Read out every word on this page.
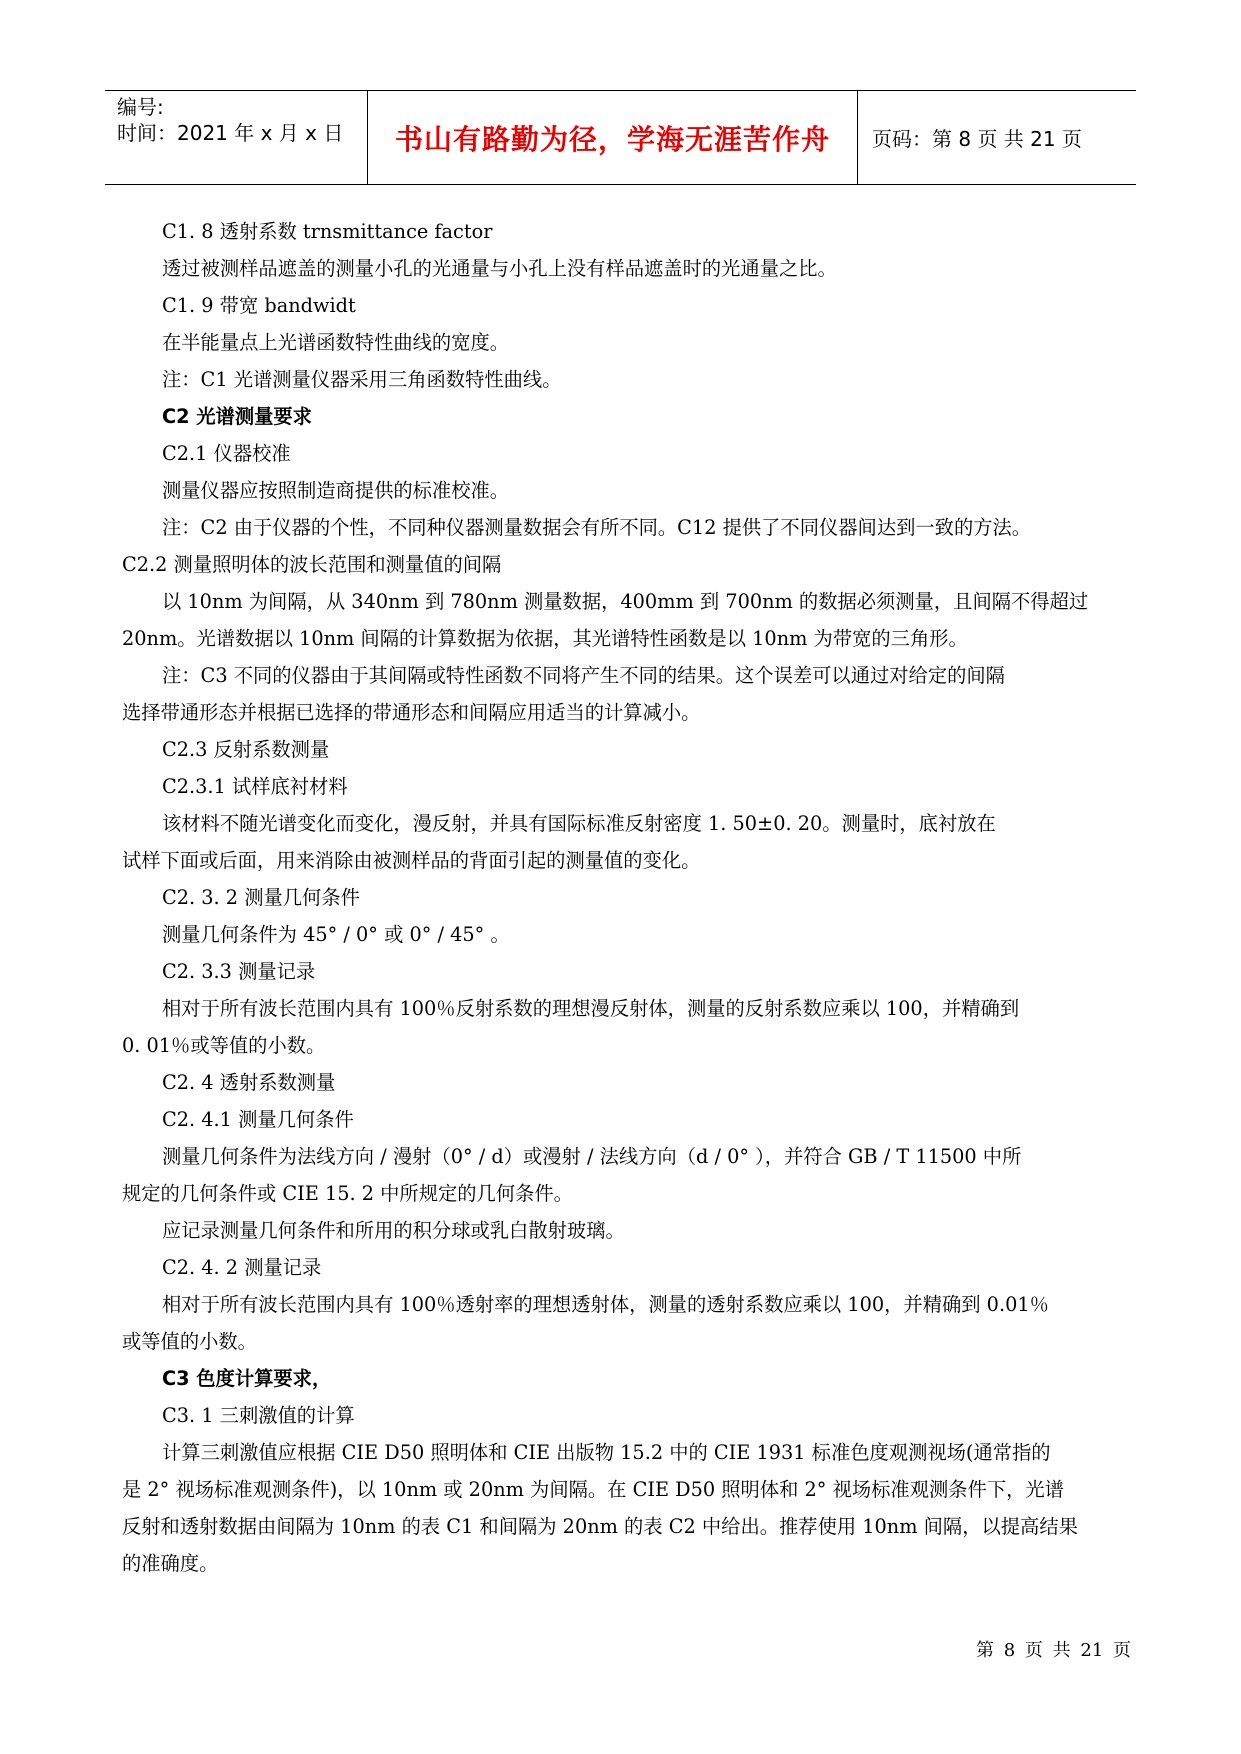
编号:
时间：2021 年 x 月 x 日 书山有路勤为径，学海无涯苦作舟 页码：第 8 页 共 21 页
C1. 8 透射系数 trnsmittance factor
透过被测样品遮盖的测量小孔的光通量与小孔上没有样品遮盖时的光通量之比。
C1. 9 带宽 bandwidt
在半能量点上光谱函数特性曲线的宽度。
注：C1 光谱测量仪器采用三角函数特性曲线。
C2 光谱测量要求
C2.1 仪器校准
测量仪器应按照制造商提供的标准校准。
注：C2 由于仪器的个性，不同种仪器测量数据会有所不同。C12 提供了不同仪器间达到一致的方法。
C2.2 测量照明体的波长范围和测量值的间隔
以 10nm 为间隔，从 340nm 到 780nm 测量数据，400mm 到 700nm 的数据必须测量，且间隔不得超过
20nm。光谱数据以 10nm 间隔的计算数据为依据，其光谱特性函数是以 10nm 为带宽的三角形。
注：C3 不同的仪器由于其间隔或特性函数不同将产生不同的结果。这个误差可以通过对给定的间隔
选择带通形态并根据已选择的带通形态和间隔应用适当的计算减小。
C2.3 反射系数测量
C2.3.1 试样底衬材料
该材料不随光谱变化而变化，漫反射，并具有国际标准反射密度 1. 50±0. 20。测量时，底衬放在
试样下面或后面，用来消除由被测样品的背面引起的测量值的变化。
C2. 3. 2 测量几何条件
测量几何条件为 45° / 0° 或 0° / 45° 。
C2. 3.3 测量记录
相对于所有波长范围内具有 100％反射系数的理想漫反射体，测量的反射系数应乘以 100，并精确到
0. 01％或等值的小数。
C2. 4 透射系数测量
C2. 4.1 测量几何条件
测量几何条件为法线方向 / 漫射（0° / d）或漫射 / 法线方向（d / 0° ），并符合 GB / T 11500 中所
规定的几何条件或 CIE 15. 2 中所规定的几何条件。
应记录测量几何条件和所用的积分球或乳白散射玻璃。
C2. 4. 2 测量记录
相对于所有波长范围内具有 100％透射率的理想透射体，测量的透射系数应乘以 100，并精确到 0.01％
或等值的小数。
C3 色度计算要求，
C3. 1 三刺激值的计算
计算三刺激值应根据 CIE D50 照明体和 CIE 出版物 15.2 中的 CIE 1931 标准色度观测视场(通常指的
是 2° 视场标准观测条件)，以 10nm 或 20nm 为间隔。在 CIE D50 照明体和 2° 视场标准观测条件下，光谱
反射和透射数据由间隔为 10nm 的表 C1 和间隔为 20nm 的表 C2 中给出。推荐使用 10nm 间隔，以提高结果
的准确度。
第 8 页 共 21 页
